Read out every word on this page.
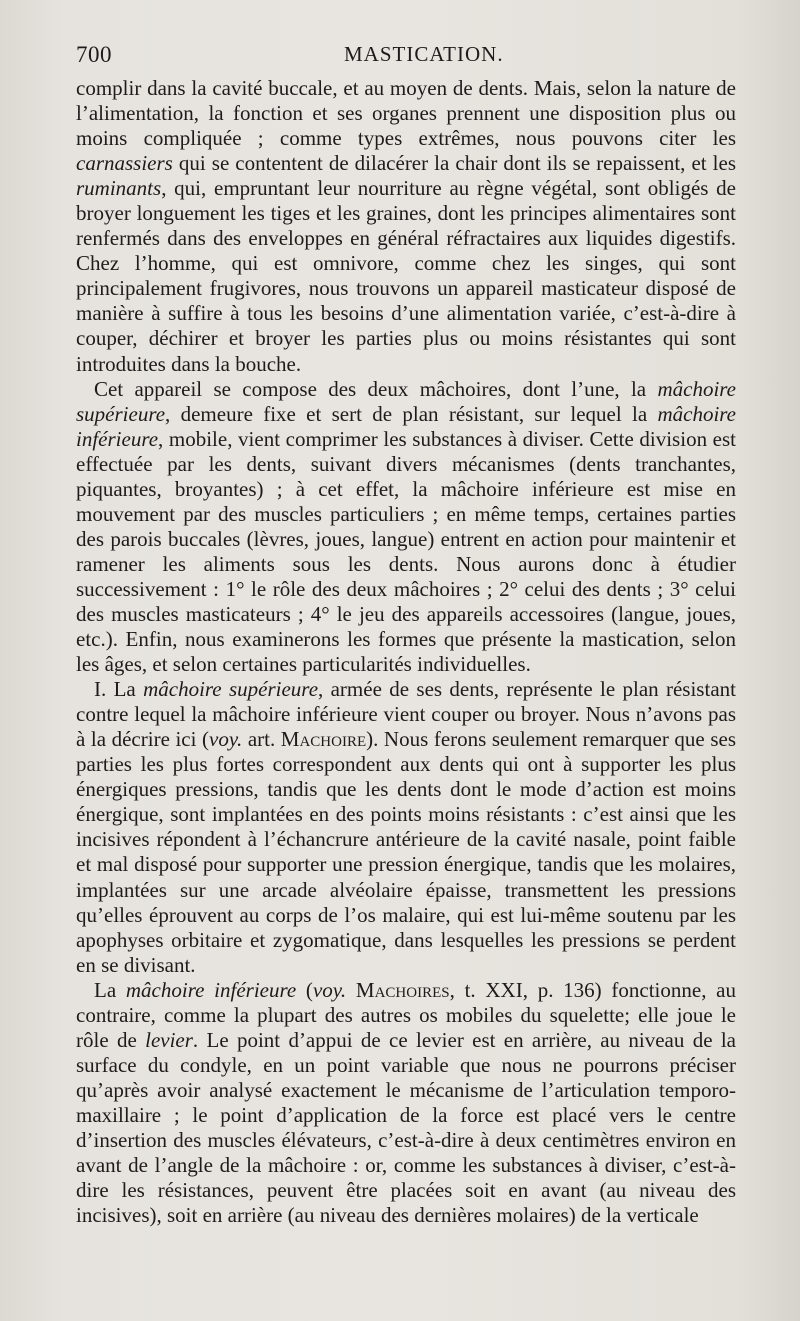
700	MASTICATION.

complir dans la cavité buccale, et au moyen de dents. Mais, selon la nature de l’alimentation, la fonction et ses organes prennent une disposition plus ou moins compliquée ; comme types extrêmes, nous pouvons citer les carnassiers qui se contentent de dilacérer la chair dont ils se repaissent, et les ruminants, qui, empruntant leur nourriture au règne végétal, sont obligés de broyer longuement les tiges et les graines, dont les principes alimentaires sont renfermés dans des enveloppes en général réfractaires aux liquides digestifs. Chez l’homme, qui est omnivore, comme chez les singes, qui sont principalement frugivores, nous trouvons un appareil masticateur disposé de manière à suffire à tous les besoins d’une alimentation variée, c’est-à-dire à couper, déchirer et broyer les parties plus ou moins résistantes qui sont introduites dans la bouche.

Cet appareil se compose des deux mâchoires, dont l’une, la mâchoire supérieure, demeure fixe et sert de plan résistant, sur lequel la mâchoire inférieure, mobile, vient comprimer les substances à diviser. Cette division est effectuée par les dents, suivant divers mécanismes (dents tranchantes, piquantes, broyantes) ; à cet effet, la mâchoire inférieure est mise en mouvement par des muscles particuliers ; en même temps, certaines parties des parois buccales (lèvres, joues, langue) entrent en action pour maintenir et ramener les aliments sous les dents. Nous aurons donc à étudier successivement : 1° le rôle des deux mâchoires ; 2° celui des dents ; 3° celui des muscles masticateurs ; 4° le jeu des appareils accessoires (langue, joues, etc.). Enfin, nous examinerons les formes que présente la mastication, selon les âges, et selon certaines particularités individuelles.

I. La mâchoire supérieure, armée de ses dents, représente le plan résistant contre lequel la mâchoire inférieure vient couper ou broyer. Nous n’avons pas à la décrire ici (voy. art. Machoire). Nous ferons seulement remarquer que ses parties les plus fortes correspondent aux dents qui ont à supporter les plus énergiques pressions, tandis que les dents dont le mode d’action est moins énergique, sont implantées en des points moins résistants : c’est ainsi que les incisives répondent à l’échancrure antérieure de la cavité nasale, point faible et mal disposé pour supporter une pression énergique, tandis que les molaires, implantées sur une arcade alvéolaire épaisse, transmettent les pressions qu’elles éprouvent au corps de l’os malaire, qui est lui-même soutenu par les apophyses orbitaire et zygomatique, dans lesquelles les pressions se perdent en se divisant.

La mâchoire inférieure (voy. Machoires, t. XXI, p. 136) fonctionne, au contraire, comme la plupart des autres os mobiles du squelette; elle joue le rôle de levier. Le point d’appui de ce levier est en arrière, au niveau de la surface du condyle, en un point variable que nous ne pourrons préciser qu’après avoir analysé exactement le mécanisme de l’articulation temporo-maxillaire ; le point d’application de la force est placé vers le centre d’insertion des muscles élévateurs, c’est-à-dire à deux centimètres environ en avant de l’angle de la mâchoire : or, comme les substances à diviser, c’est-à-dire les résistances, peuvent être placées soit en avant (au niveau des incisives), soit en arrière (au niveau des dernières molaires) de la verticale
